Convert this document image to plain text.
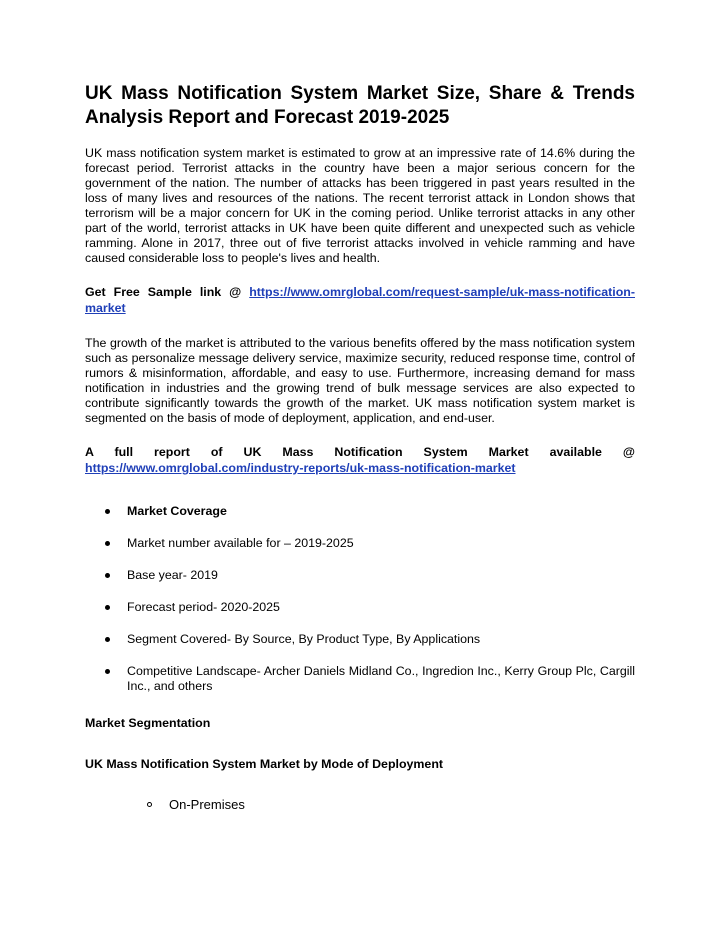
UK Mass Notification System Market Size, Share & Trends Analysis Report and Forecast 2019-2025

UK mass notification system market is estimated to grow at an impressive rate of 14.6% during the forecast period. Terrorist attacks in the country have been a major serious concern for the government of the nation. The number of attacks has been triggered in past years resulted in the loss of many lives and resources of the nations. The recent terrorist attack in London shows that terrorism will be a major concern for UK in the coming period. Unlike terrorist attacks in any other part of the world, terrorist attacks in UK have been quite different and unexpected such as vehicle ramming. Alone in 2017, three out of five terrorist attacks involved in vehicle ramming and have caused considerable loss to people's lives and health.

Get Free Sample link @ https://www.omrglobal.com/request-sample/uk-mass-notification-market

The growth of the market is attributed to the various benefits offered by the mass notification system such as personalize message delivery service, maximize security, reduced response time, control of rumors & misinformation, affordable, and easy to use. Furthermore, increasing demand for mass notification in industries and the growing trend of bulk message services are also expected to contribute significantly towards the growth of the market. UK mass notification system market is segmented on the basis of mode of deployment, application, and end-user.

A full report of UK Mass Notification System Market available @

https://www.omrglobal.com/industry-reports/uk-mass-notification-market

Market Coverage
Market number available for – 2019-2025
Base year- 2019
Forecast period- 2020-2025
Segment Covered- By Source, By Product Type, By Applications
Competitive Landscape- Archer Daniels Midland Co., Ingredion Inc., Kerry Group Plc, Cargill Inc., and others
Market Segmentation
UK Mass Notification System Market by Mode of Deployment
On-Premises
